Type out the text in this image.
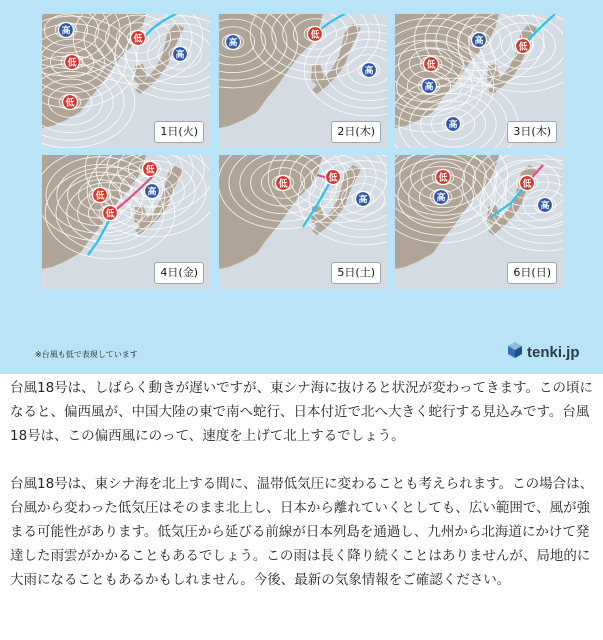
高
低
低
低
高
1日(火)
高
低
高
2日(木)
低
高
低
高
高	3日(木)
低
低	高
低
4日(金)
低
低
高
5日(土)
低
低
高
高
6日(日)
※台風も低で表現しています	tenki.jp

台風18号は、しばらく動きが遅いですが、東シナ海に抜けると状況が変わってきます。この頃になると、偏西風が、中国大陸の東で南へ蛇行、日本付近で北へ大きく蛇行する見込みです。台風18号は、この偏西風にのって、速度を上げて北上するでしょう。

台風18号は、東シナ海を北上する間に、温帯低気圧に変わることも考えられます。この場合は、台風から変わった低気圧はそのまま北上し、日本から離れていくとしても、広い範囲で、風が強まる可能性があります。低気圧から延びる前線が日本列島を通過し、九州から北海道にかけて発達した雨雲がかかることもあるでしょう。この雨は長く降り続くことはありませんが、局地的に大雨になることもあるかもしれません。今後、最新の気象情報をご確認ください。
